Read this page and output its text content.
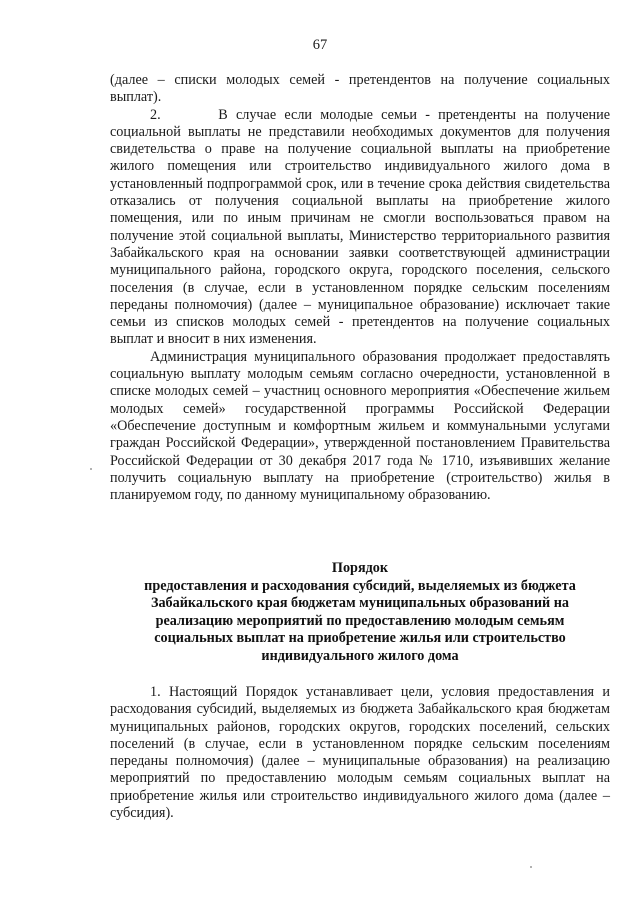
67

(далее – списки молодых семей - претендентов на получение социальных выплат).

2.       В случае если молодые семьи - претенденты на получение социальной выплаты не представили необходимых документов для получения свидетельства о праве на получение социальной выплаты на приобретение жилого помещения или строительство индивидуального жилого дома в установленный подпрограммой срок, или в течение срока действия свидетельства отказались от получения социальной выплаты на приобретение жилого помещения, или по иным причинам не смогли воспользоваться правом на получение этой социальной выплаты, Министерство территориального развития Забайкальского края на основании заявки соответствующей администрации муниципального района, городского округа, городского поселения, сельского поселения (в случае, если в установленном порядке сельским поселениям переданы полномочия) (далее – муниципальное образование) исключает такие семьи из списков молодых семей - претендентов на получение социальных выплат и вносит в них изменения.

Администрация муниципального образования продолжает предоставлять социальную выплату молодым семьям согласно очередности, установленной в списке молодых семей – участниц основного мероприятия «Обеспечение жильем молодых семей» государственной программы Российской Федерации «Обеспечение доступным и комфортным жильем и коммунальными услугами граждан Российской Федерации», утвержденной постановлением Правительства Российской Федерации от 30 декабря 2017 года № 1710, изъявивших желание получить социальную выплату на приобретение (строительство) жилья в планируемом году, по данному муниципальному образованию.

Порядок
предоставления и расходования субсидий, выделяемых из бюджета
Забайкальского края бюджетам муниципальных образований на
реализацию мероприятий по предоставлению молодым семьям
социальных выплат на приобретение жилья или строительство
индивидуального жилого дома

1. Настоящий Порядок устанавливает цели, условия предоставления и расходования субсидий, выделяемых из бюджета Забайкальского края бюджетам муниципальных районов, городских округов, городских поселений, сельских поселений (в случае, если в установленном порядке сельским поселениям переданы полномочия) (далее – муниципальные образования) на реализацию мероприятий по предоставлению молодым семьям социальных выплат на приобретение жилья или строительство индивидуального жилого дома (далее – субсидия).
